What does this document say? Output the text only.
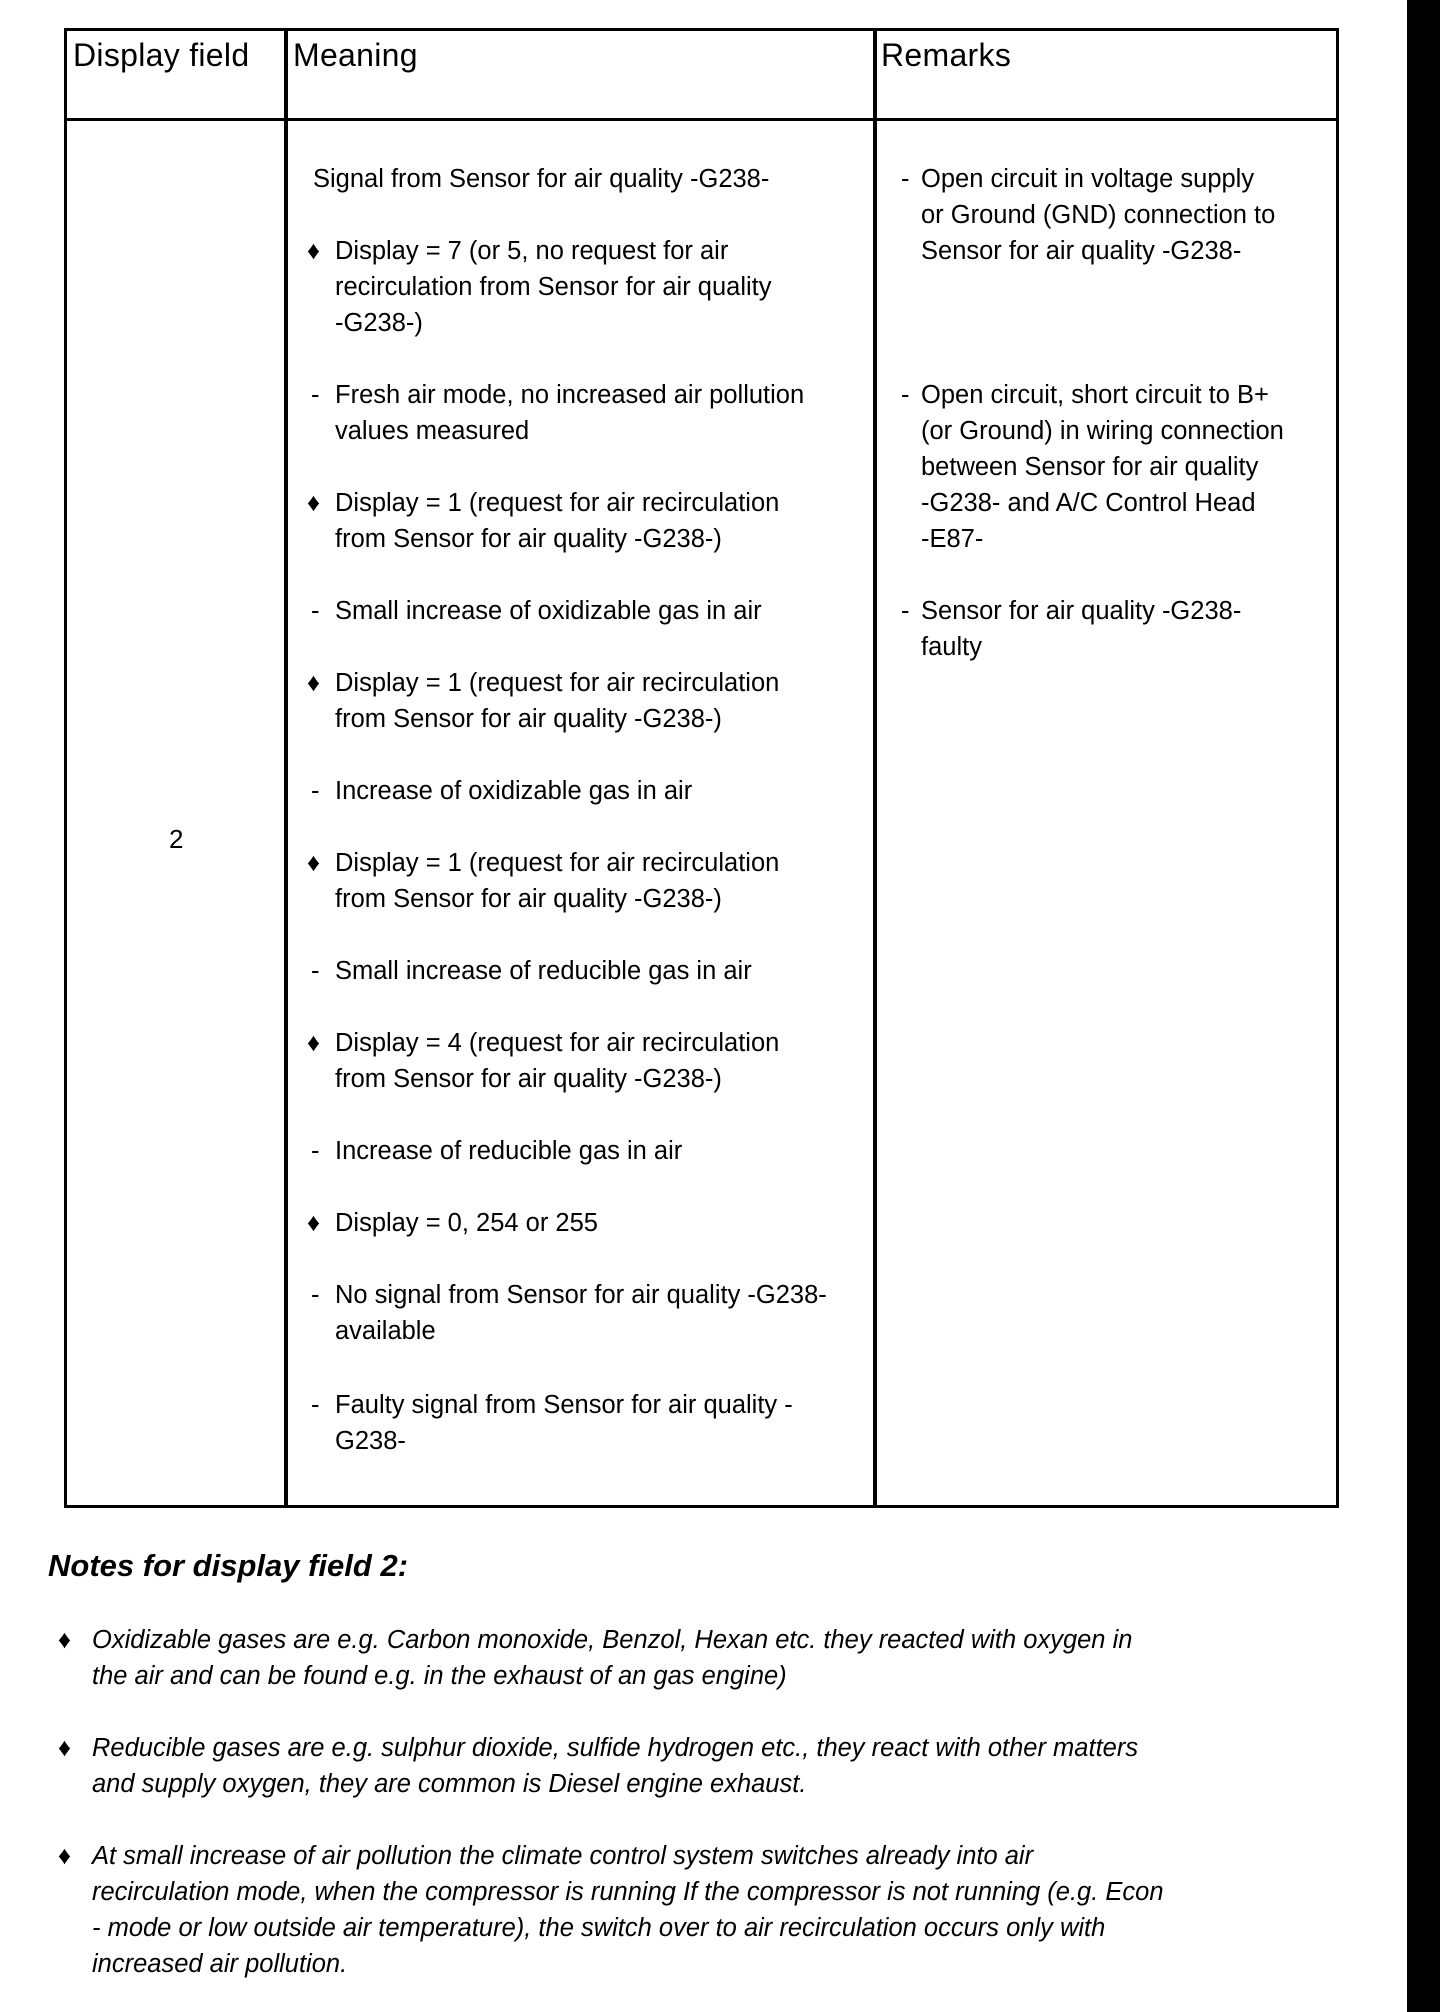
Display field Meaning	Remarks
2
Signal from Sensor for air quality -G238-
♦ Display = 7 (or 5, no request for air
recirculation from Sensor for air quality
-G238-)
- Fresh air mode, no increased air pollution
values measured
♦ Display = 1 (request for air recirculation
from Sensor for air quality -G238-)
- Small increase of oxidizable gas in air
♦ Display = 1 (request for air recirculation
from Sensor for air quality -G238-)
- Increase of oxidizable gas in air
♦ Display = 1 (request for air recirculation
from Sensor for air quality -G238-)
- Small increase of reducible gas in air
♦ Display = 4 (request for air recirculation
from Sensor for air quality -G238-)
- Increase of reducible gas in air
♦ Display = 0, 254 or 255
- No signal from Sensor for air quality -G238-
available
- Faulty signal from Sensor for air quality -
G238-
- Open circuit in voltage supply
or Ground (GND) connection to
Sensor for air quality -G238-
- Open circuit, short circuit to B+
(or Ground) in wiring connection
between Sensor for air quality
-G238- and A/C Control Head
-E87-
- Sensor for air quality -G238-
faulty
Notes for display field 2:
♦ Oxidizable gases are e.g. Carbon monoxide, Benzol, Hexan etc. they reacted with oxygen in
the air and can be found e.g. in the exhaust of an gas engine)
♦ Reducible gases are e.g. sulphur dioxide, sulfide hydrogen etc., they react with other matters
and supply oxygen, they are common is Diesel engine exhaust.
♦ At small increase of air pollution the climate control system switches already into air
recirculation mode, when the compressor is running If the compressor is not running (e.g. Econ
- mode or low outside air temperature), the switch over to air recirculation occurs only with
increased air pollution.
